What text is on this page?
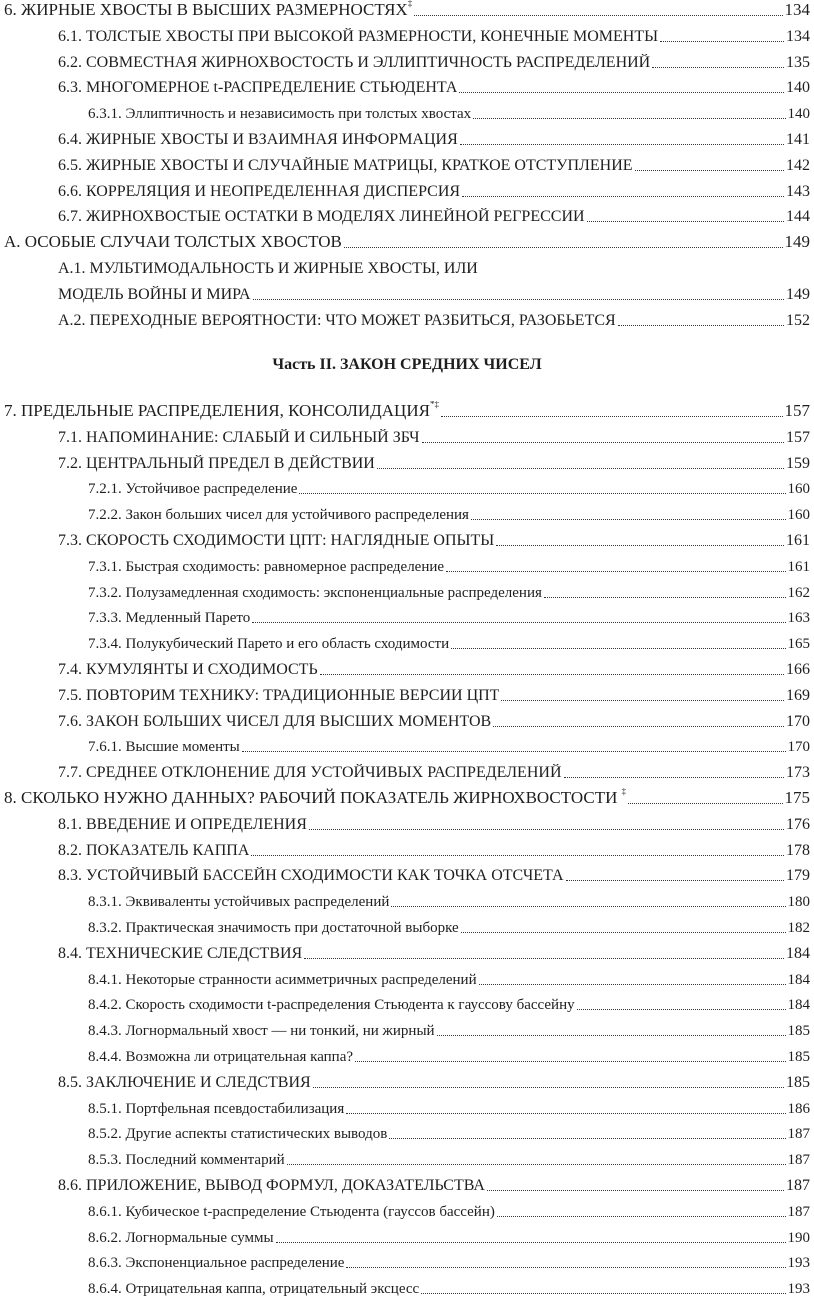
6. ЖИРНЫЕ ХВОСТЫ В ВЫСШИХ РАЗМЕРНОСТЯХ‡	134
6.1. ТОЛСТЫЕ ХВОСТЫ ПРИ ВЫСОКОЙ РАЗМЕРНОСТИ, КОНЕЧНЫЕ МОМЕНТЫ	134
6.2. СОВМЕСТНАЯ ЖИРНОХВОСТОСТЬ И ЭЛЛИПТИЧНОСТЬ РАСПРЕДЕЛЕНИЙ	135
6.3. МНОГОМЕРНОЕ t-РАСПРЕДЕЛЕНИЕ СТЬЮДЕНТА	140
6.3.1. Эллиптичность и независимость при толстых хвостах	140
6.4. ЖИРНЫЕ ХВОСТЫ И ВЗАИМНАЯ ИНФОРМАЦИЯ	141
6.5. ЖИРНЫЕ ХВОСТЫ И СЛУЧАЙНЫЕ МАТРИЦЫ, КРАТКОЕ ОТСТУПЛЕНИЕ	142
6.6. КОРРЕЛЯЦИЯ И НЕОПРЕДЕЛЕННАЯ ДИСПЕРСИЯ	143
6.7. ЖИРНОХВОСТЫЕ ОСТАТКИ В МОДЕЛЯХ ЛИНЕЙНОЙ РЕГРЕССИИ	144
A. ОСОБЫЕ СЛУЧАИ ТОЛСТЫХ ХВОСТОВ	149
A.1. МУЛЬТИМОДАЛЬНОСТЬ И ЖИРНЫЕ ХВОСТЫ, ИЛИ
МОДЕЛЬ ВОЙНЫ И МИРА	149
A.2. ПЕРЕХОДНЫЕ ВЕРОЯТНОСТИ: ЧТО МОЖЕТ РАЗБИТЬСЯ, РАЗОБЬЕТСЯ	152
7. ПРЕДЕЛЬНЫЕ РАСПРЕДЕЛЕНИЯ, КОНСОЛИДАЦИЯ*‡	157
7.1. НАПОМИНАНИЕ: СЛАБЫЙ И СИЛЬНЫЙ ЗБЧ	157
7.2. ЦЕНТРАЛЬНЫЙ ПРЕДЕЛ В ДЕЙСТВИИ	159
7.2.1. Устойчивое распределение	160
7.2.2. Закон больших чисел для устойчивого распределения	160
7.3. СКОРОСТЬ СХОДИМОСТИ ЦПТ: НАГЛЯДНЫЕ ОПЫТЫ	161
7.3.1. Быстрая сходимость: равномерное распределение	161
7.3.2. Полузамедленная сходимость: экспоненциальные распределения	162
7.3.3. Медленный Парето	163
7.3.4. Полукубический Парето и его область сходимости	165
7.4. КУМУЛЯНТЫ И СХОДИМОСТЬ	166
7.5. ПОВТОРИМ ТЕХНИКУ: ТРАДИЦИОННЫЕ ВЕРСИИ ЦПТ	169
7.6. ЗАКОН БОЛЬШИХ ЧИСЕЛ ДЛЯ ВЫСШИХ МОМЕНТОВ	170
7.6.1. Высшие моменты	170
7.7. СРЕДНЕЕ ОТКЛОНЕНИЕ ДЛЯ УСТОЙЧИВЫХ РАСПРЕДЕЛЕНИЙ	173
8. СКОЛЬКО НУЖНО ДАННЫХ? РАБОЧИЙ ПОКАЗАТЕЛЬ ЖИРНОХВОСТОСТИ ‡	175
8.1. ВВЕДЕНИЕ И ОПРЕДЕЛЕНИЯ	176
8.2. ПОКАЗАТЕЛЬ КАППА	178
8.3. УСТОЙЧИВЫЙ БАССЕЙН СХОДИМОСТИ КАК ТОЧКА ОТСЧЕТА	179
8.3.1. Эквиваленты устойчивых распределений	180
8.3.2. Практическая значимость при достаточной выборке	182
8.4. ТЕХНИЧЕСКИЕ СЛЕДСТВИЯ	184
8.4.1. Некоторые странности асимметричных распределений	184
8.4.2. Скорость сходимости t-распределения Стьюдента к гауссову бассейну	184
8.4.3. Логнормальный хвост — ни тонкий, ни жирный	185
8.4.4. Возможна ли отрицательная каппа?	185
8.5. ЗАКЛЮЧЕНИЕ И СЛЕДСТВИЯ	185
8.5.1. Портфельная псевдостабилизация	186
8.5.2. Другие аспекты статистических выводов	187
8.5.3. Последний комментарий	187
8.6. ПРИЛОЖЕНИЕ, ВЫВОД ФОРМУЛ, ДОКАЗАТЕЛЬСТВА	187
8.6.1. Кубическое t-распределение Стьюдента (гауссов бассейн)	187
8.6.2. Логнормальные суммы	190
8.6.3. Экспоненциальное распределение	193
8.6.4. Отрицательная каппа, отрицательный эксцесс	193
Часть II. ЗАКОН СРЕДНИХ ЧИСЕЛ
